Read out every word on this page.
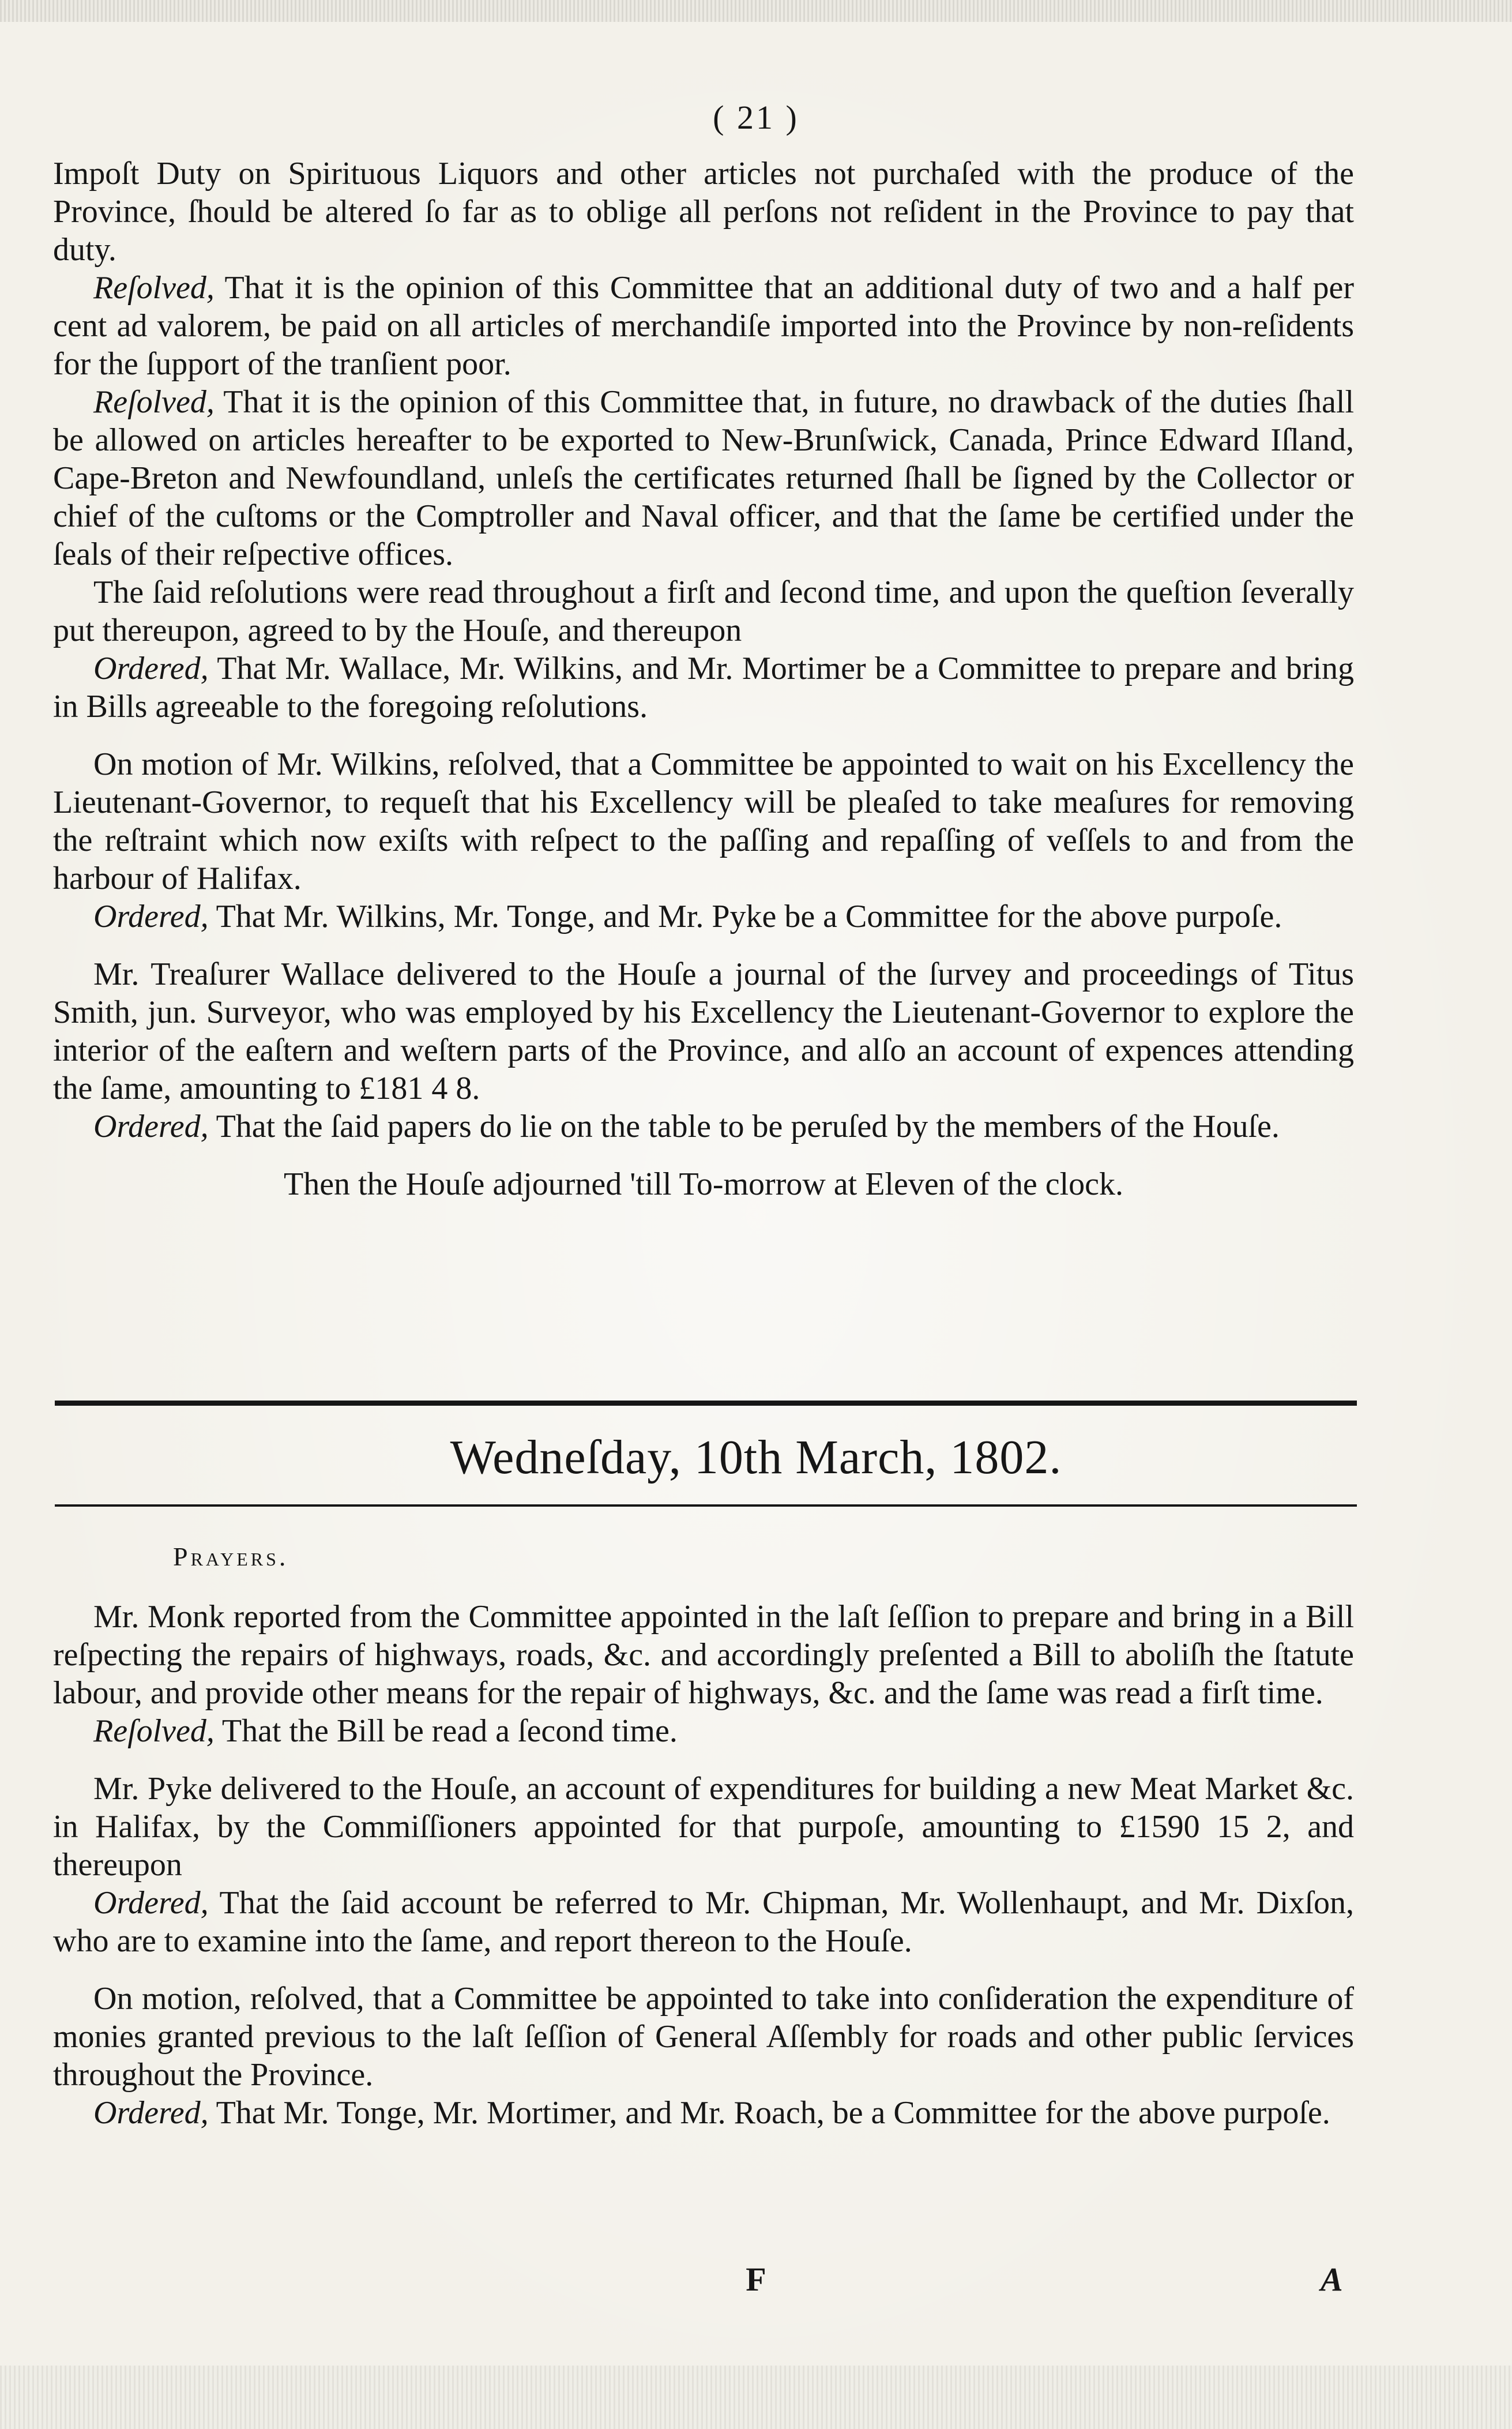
( 21 )

Impoſt Duty on Spirituous Liquors and other articles not purchaſed with the produce of the Province, ſhould be altered ſo far as to oblige all perſons not reſident in the Province to pay that duty.

Reſolved, That it is the opinion of this Committee that an additional duty of two and a half per cent ad valorem, be paid on all articles of merchandiſe imported into the Province by non-reſidents for the ſupport of the tranſient poor.

Reſolved, That it is the opinion of this Committee that, in future, no drawback of the duties ſhall be allowed on articles hereafter to be exported to New-Brunſwick, Canada, Prince Edward Iſland, Cape-Breton and Newfoundland, unleſs the certificates returned ſhall be ſigned by the Collector or chief of the cuſtoms or the Comptroller and Naval officer, and that the ſame be certified under the ſeals of their reſpective offices.

The ſaid reſolutions were read throughout a firſt and ſecond time, and upon the queſtion ſeverally put thereupon, agreed to by the Houſe, and thereupon

Ordered, That Mr. Wallace, Mr. Wilkins, and Mr. Mortimer be a Committee to prepare and bring in Bills agreeable to the foregoing reſolutions.

On motion of Mr. Wilkins, reſolved, that a Committee be appointed to wait on his Excellency the Lieutenant-Governor, to requeſt that his Excellency will be pleaſed to take meaſures for removing the reſtraint which now exiſts with reſpect to the paſſing and repaſſing of veſſels to and from the harbour of Halifax.

Ordered, That Mr. Wilkins, Mr. Tonge, and Mr. Pyke be a Committee for the above purpoſe.

Mr. Treaſurer Wallace delivered to the Houſe a journal of the ſurvey and proceedings of Titus Smith, jun. Surveyor, who was employed by his Excellency the Lieutenant-Governor to explore the interior of the eaſtern and weſtern parts of the Province, and alſo an account of expences attending the ſame, amounting to £181 4 8.

Ordered, That the ſaid papers do lie on the table to be peruſed by the members of the Houſe.

Then the Houſe adjourned 'till To-morrow at Eleven of the clock.

Wedneſday, 10th March, 1802.
Prayers.

Mr. Monk reported from the Committee appointed in the laſt ſeſſion to prepare and bring in a Bill reſpecting the repairs of highways, roads, &c. and accordingly preſented a Bill to aboliſh the ſtatute labour, and provide other means for the repair of highways, &c. and the ſame was read a firſt time.

Reſolved, That the Bill be read a ſecond time.

Mr. Pyke delivered to the Houſe, an account of expenditures for building a new Meat Market &c. in Halifax, by the Commiſſioners appointed for that purpoſe, amounting to £1590 15 2, and thereupon

Ordered, That the ſaid account be referred to Mr. Chipman, Mr. Wollenhaupt, and Mr. Dixſon, who are to examine into the ſame, and report thereon to the Houſe.

On motion, reſolved, that a Committee be appointed to take into conſideration the expenditure of monies granted previous to the laſt ſeſſion of General Aſſembly for roads and other public ſervices throughout the Province.

Ordered, That Mr. Tonge, Mr. Mortimer, and Mr. Roach, be a Committee for the above purpoſe.

F	A
